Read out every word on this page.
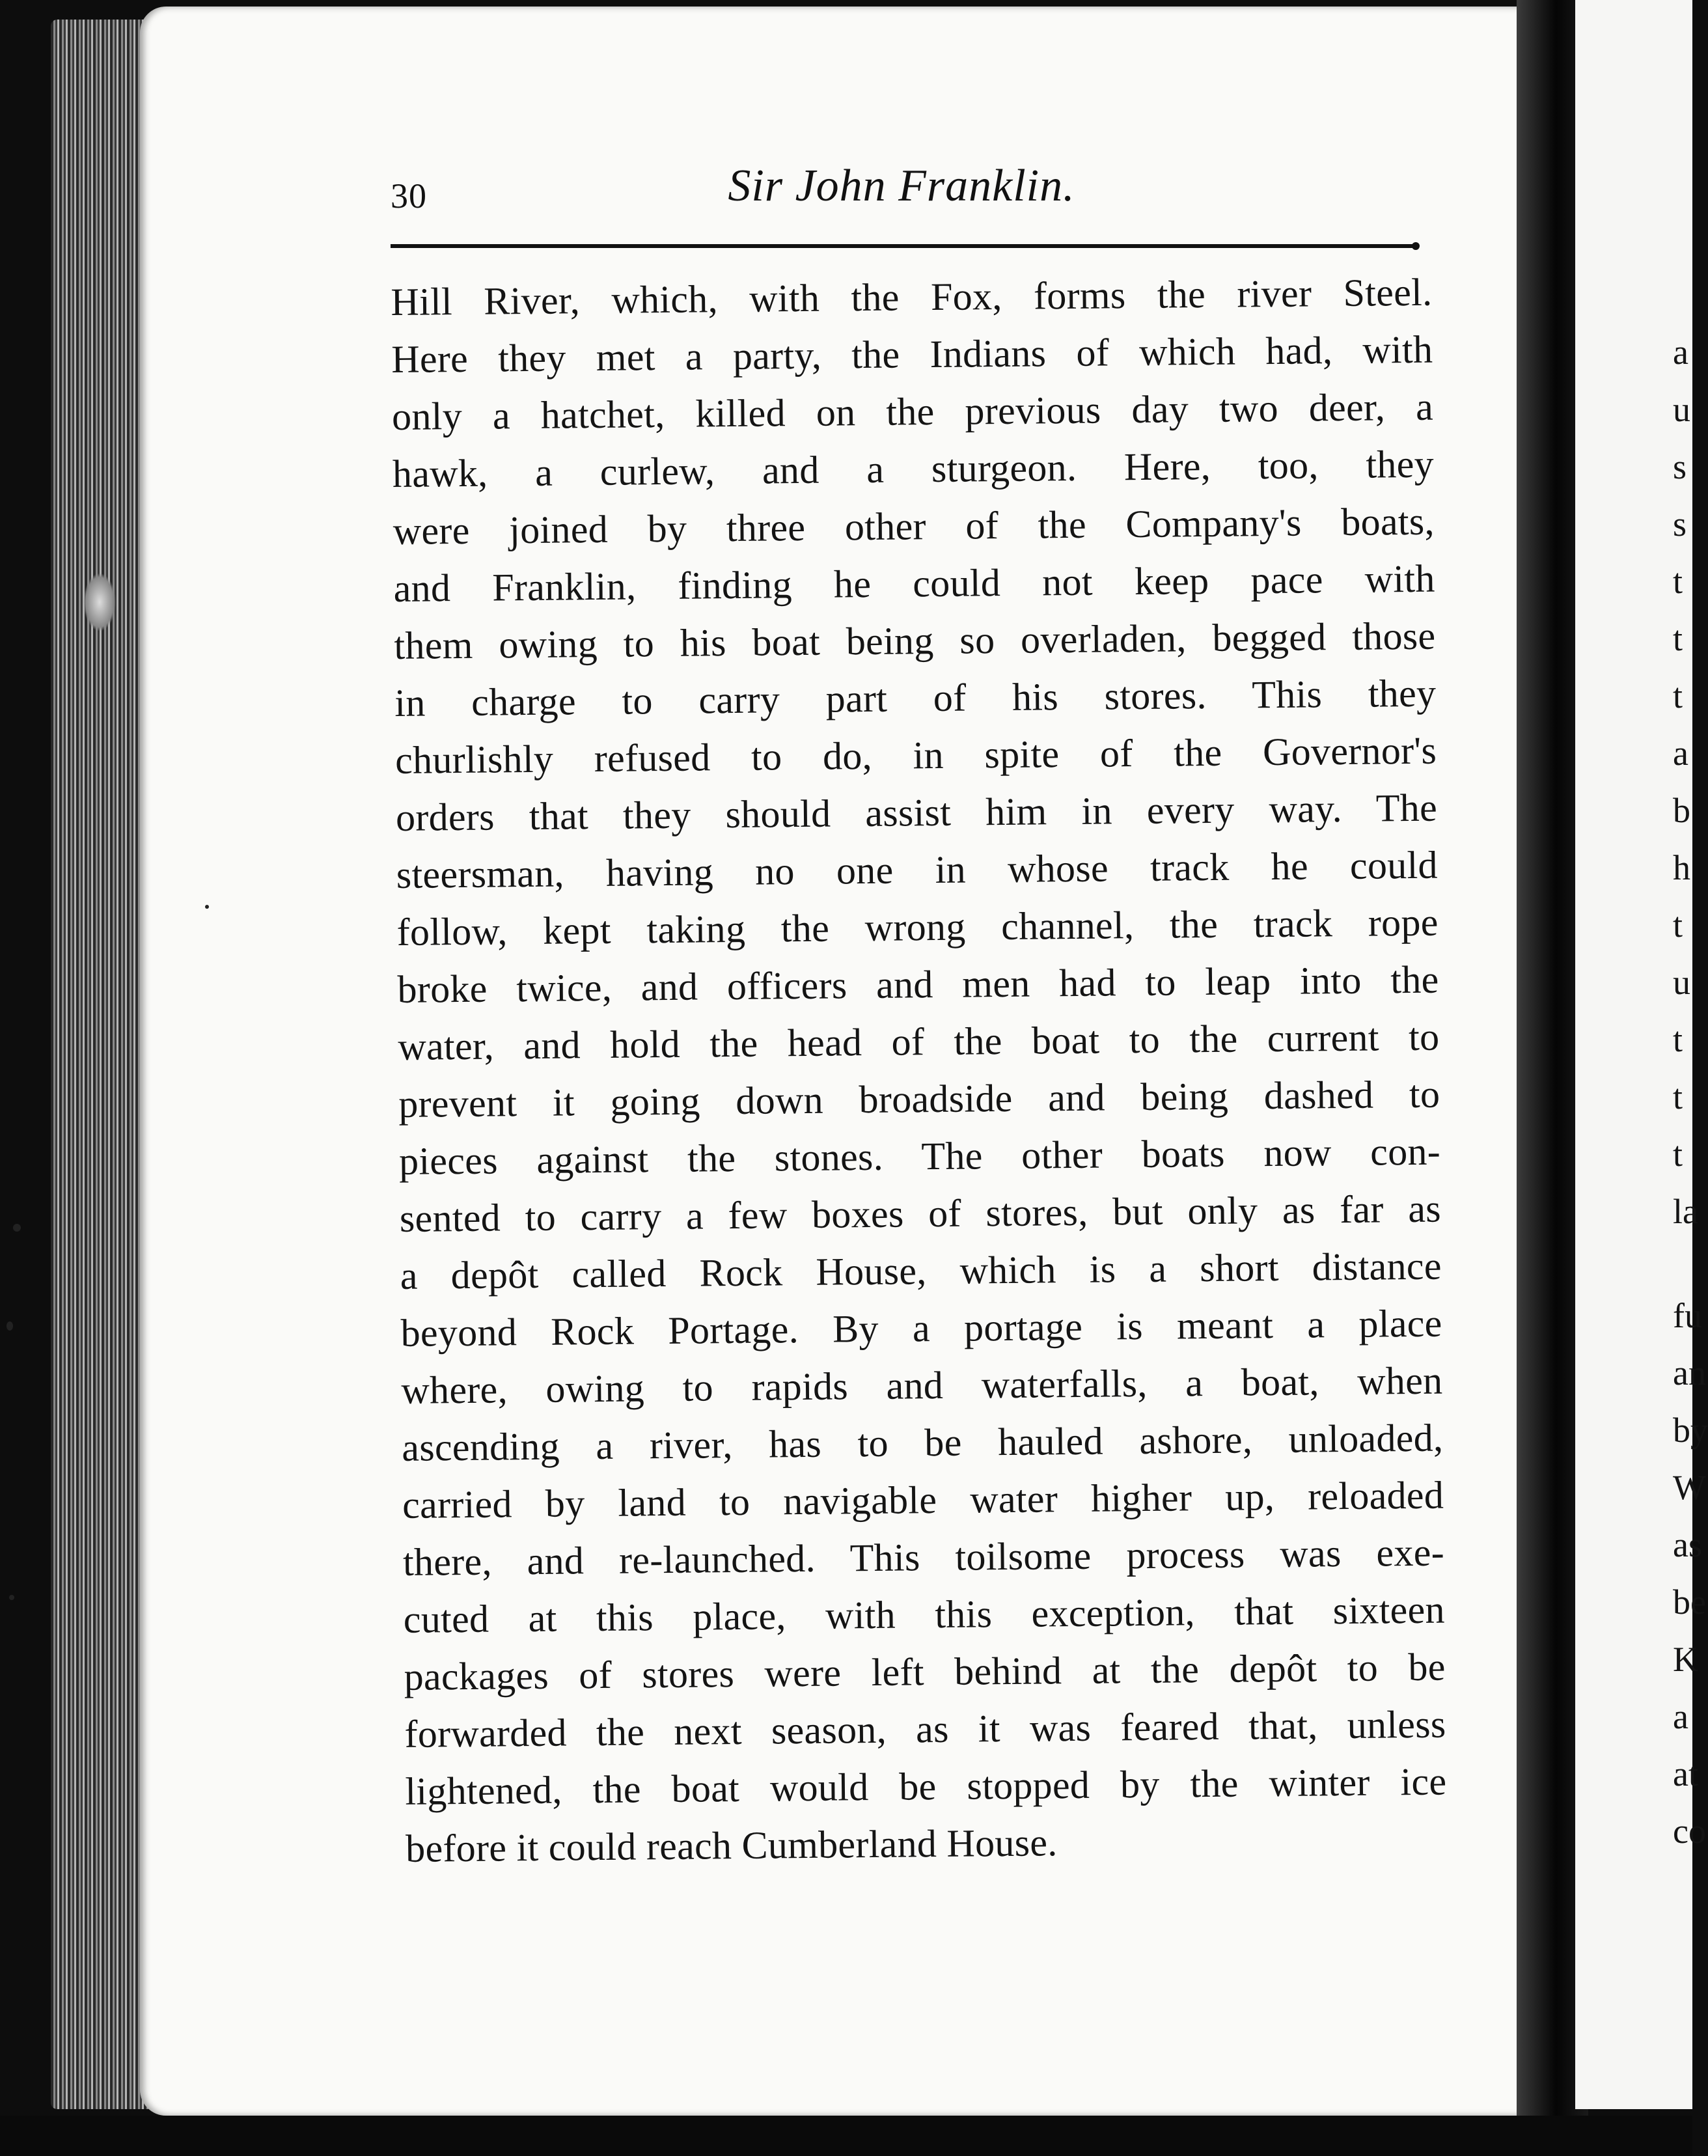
30	Sir John Franklin.
Hill River, which, with the Fox, forms the river Steel.
Here they met a party, the Indians of which had, with
only a hatchet, killed on the previous day two deer, a
hawk, a curlew, and a sturgeon. Here, too, they
were joined by three other of the Company's boats,
and Franklin, finding he could not keep pace with
them owing to his boat being so overladen, begged those
in charge to carry part of his stores. This they
churlishly refused to do, in spite of the Governor's
orders that they should assist him in every way. The
steersman, having no one in whose track he could
follow, kept taking the wrong channel, the track rope
broke twice, and officers and men had to leap into the
water, and hold the head of the boat to the current to
prevent it going down broadside and being dashed to
pieces against the stones. The other boats now con-
sented to carry a few boxes of stores, but only as far as
a depôt called Rock House, which is a short distance
beyond Rock Portage. By a portage is meant a place
where, owing to rapids and waterfalls, a boat, when
ascending a river, has to be hauled ashore, unloaded,
carried by land to navigable water higher up, reloaded
there, and re-launched. This toilsome process was exe-
cuted at this place, with this exception, that sixteen
packages of stores were left behind at the depôt to be
forwarded the next season, as it was feared that, unless
lightened, the boat would be stopped by the winter ice
before it could reach Cumberland House.
a
u
s
s
t
t
t
a
b
h
t
u
t
t
t
la
fu
an
by
W
as
be
K
a
at
co
